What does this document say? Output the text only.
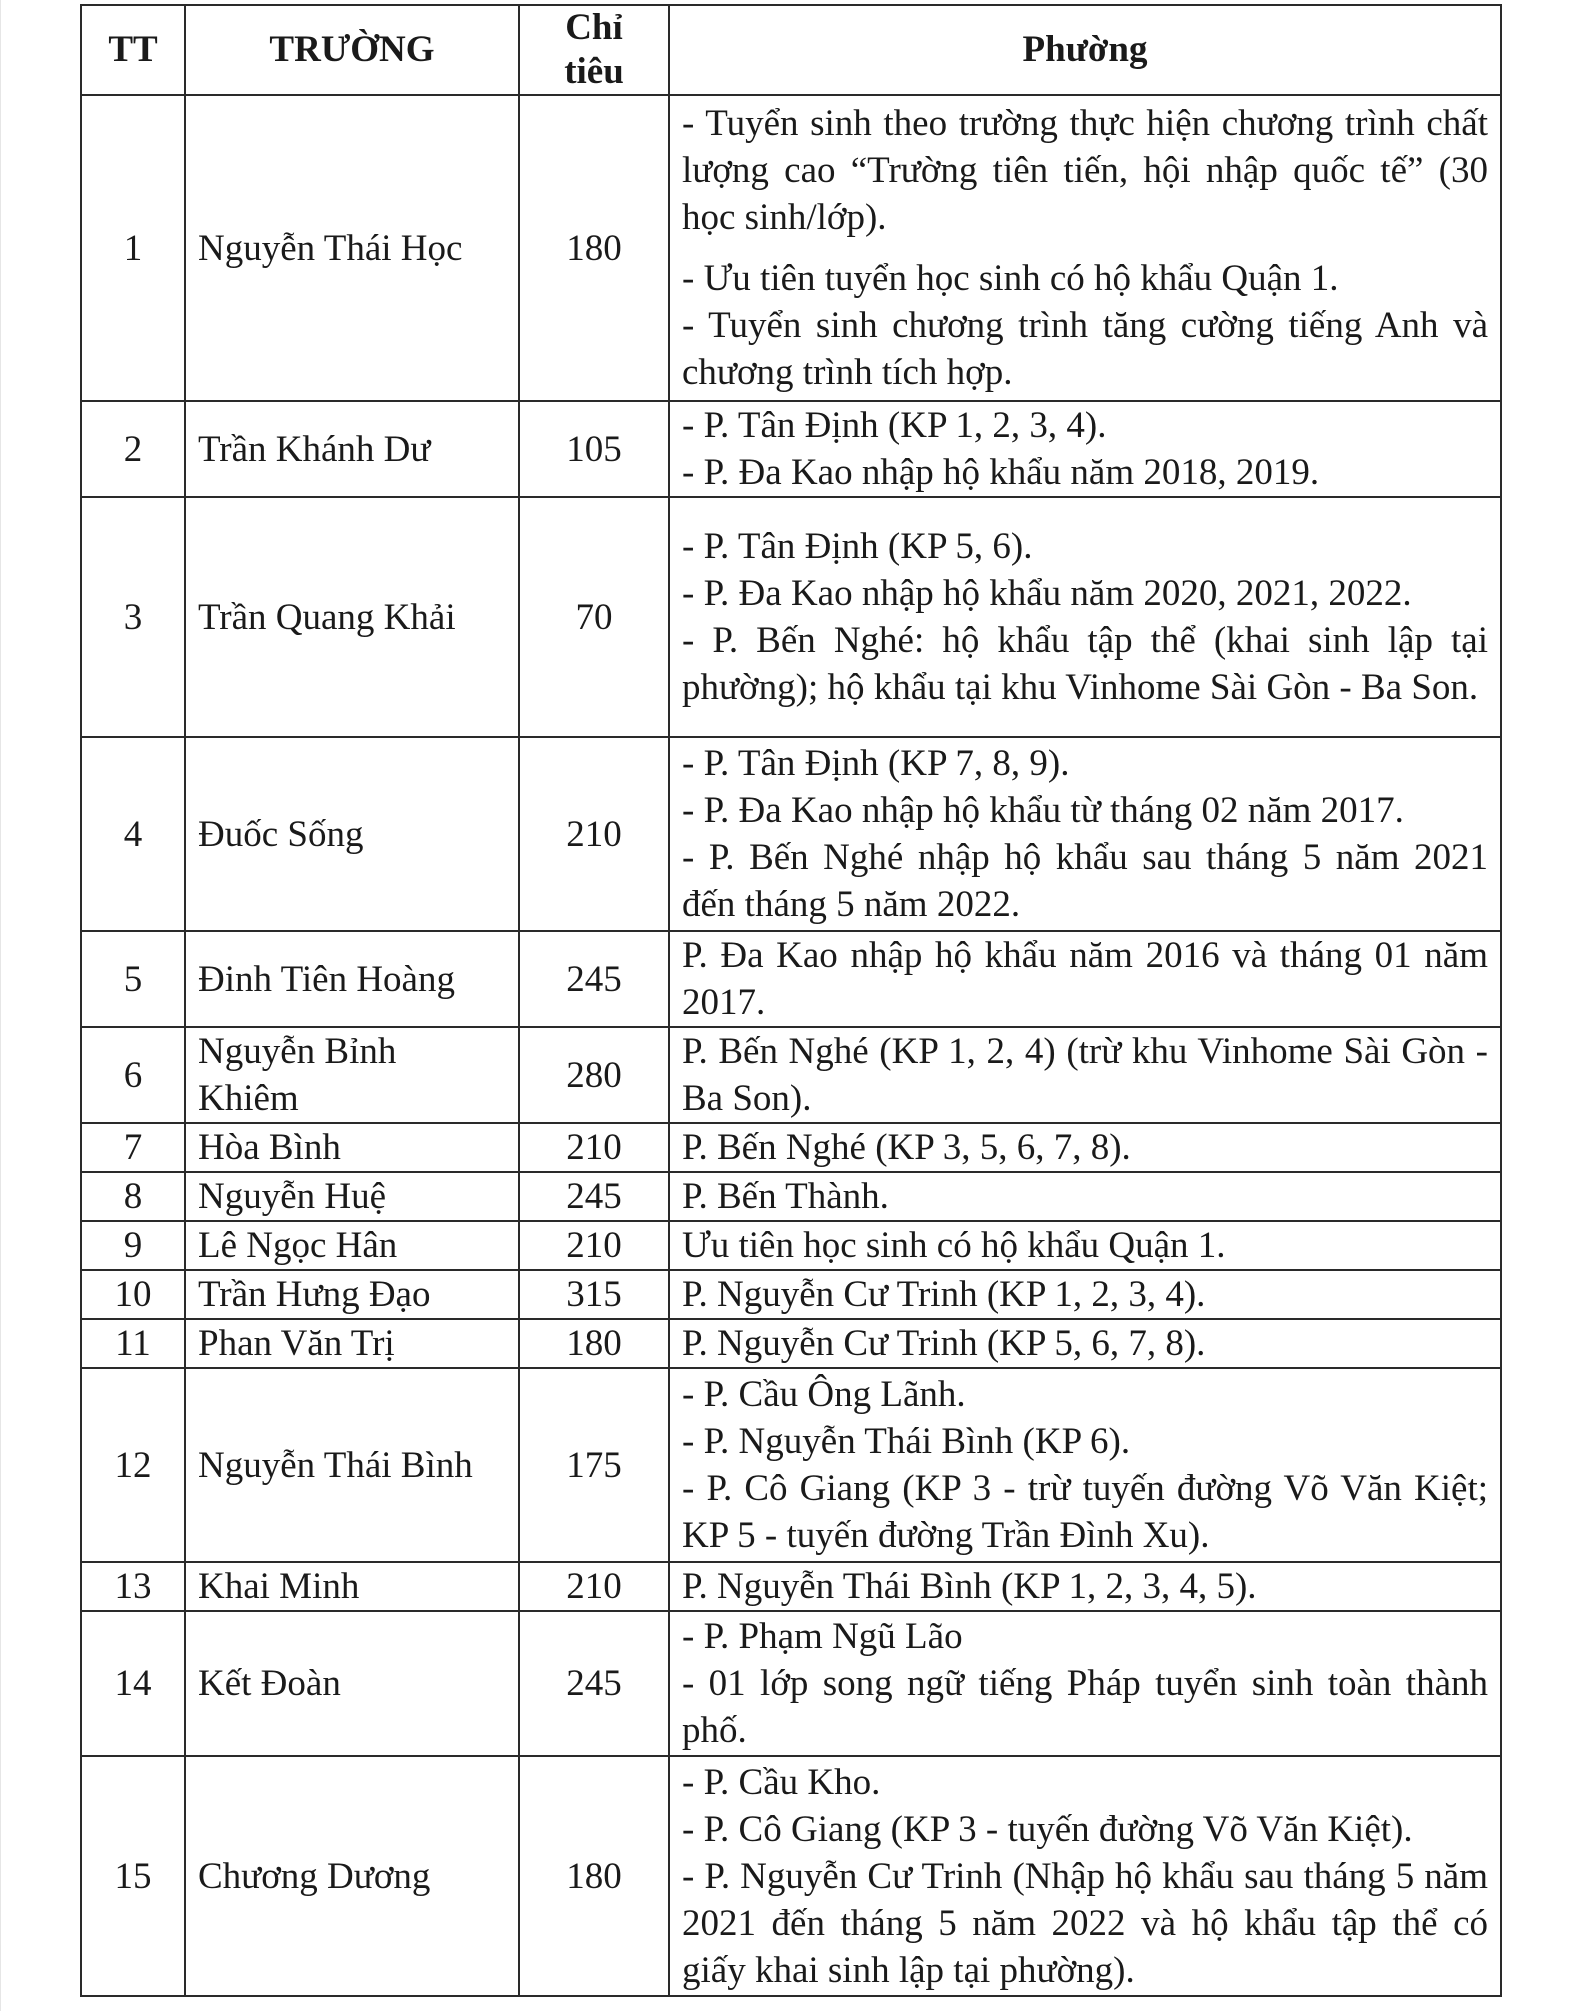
TT	TRƯỜNG	Chỉ tiêu	Phường
1	Nguyễn Thái Học	180	- Tuyển sinh theo trường thực hiện chương trình chất lượng cao “Trường tiên tiến, hội nhập quốc tế” (30 học sinh/lớp).
- Ưu tiên tuyển học sinh có hộ khẩu Quận 1.
- Tuyển sinh chương trình tăng cường tiếng Anh và chương trình tích hợp.

2	Trần Khánh Dư	105	- P. Tân Định (KP 1, 2, 3, 4).
- P. Đa Kao nhập hộ khẩu năm 2018, 2019.

3	Trần Quang Khải	70	- P. Tân Định (KP 5, 6).
- P. Đa Kao nhập hộ khẩu năm 2020, 2021, 2022.
- P. Bến Nghé: hộ khẩu tập thể (khai sinh lập tại phường); hộ khẩu tại khu Vinhome Sài Gòn - Ba Son.

4	Đuốc Sống	210	- P. Tân Định (KP 7, 8, 9).
- P. Đa Kao nhập hộ khẩu từ tháng 02 năm 2017.
- P. Bến Nghé nhập hộ khẩu sau tháng 5 năm 2021 đến tháng 5 năm 2022.

5	Đinh Tiên Hoàng	245	P. Đa Kao nhập hộ khẩu năm 2016 và tháng 01 năm 2017.

6	Nguyễn Bỉnh Khiêm	280	P. Bến Nghé (KP 1, 2, 4) (trừ khu Vinhome Sài Gòn - Ba Son).

7	Hòa Bình	210	P. Bến Nghé (KP 3, 5, 6, 7, 8).

8	Nguyễn Huệ	245	P. Bến Thành.

9	Lê Ngọc Hân	210	Ưu tiên học sinh có hộ khẩu Quận 1.

10	Trần Hưng Đạo	315	P. Nguyễn Cư Trinh (KP 1, 2, 3, 4).

11	Phan Văn Trị	180	P. Nguyễn Cư Trinh (KP 5, 6, 7, 8).

12	Nguyễn Thái Bình	175	- P. Cầu Ông Lãnh.
- P. Nguyễn Thái Bình (KP 6).
- P. Cô Giang (KP 3 - trừ tuyến đường Võ Văn Kiệt; KP 5 - tuyến đường Trần Đình Xu).

13	Khai Minh	210	P. Nguyễn Thái Bình (KP 1, 2, 3, 4, 5).

14	Kết Đoàn	245	- P. Phạm Ngũ Lão
- 01 lớp song ngữ tiếng Pháp tuyển sinh toàn thành phố.

15	Chương Dương	180	- P. Cầu Kho.
- P. Cô Giang (KP 3 - tuyến đường Võ Văn Kiệt).
- P. Nguyễn Cư Trinh (Nhập hộ khẩu sau tháng 5 năm 2021 đến tháng 5 năm 2022 và hộ khẩu tập thể có giấy khai sinh lập tại phường).
